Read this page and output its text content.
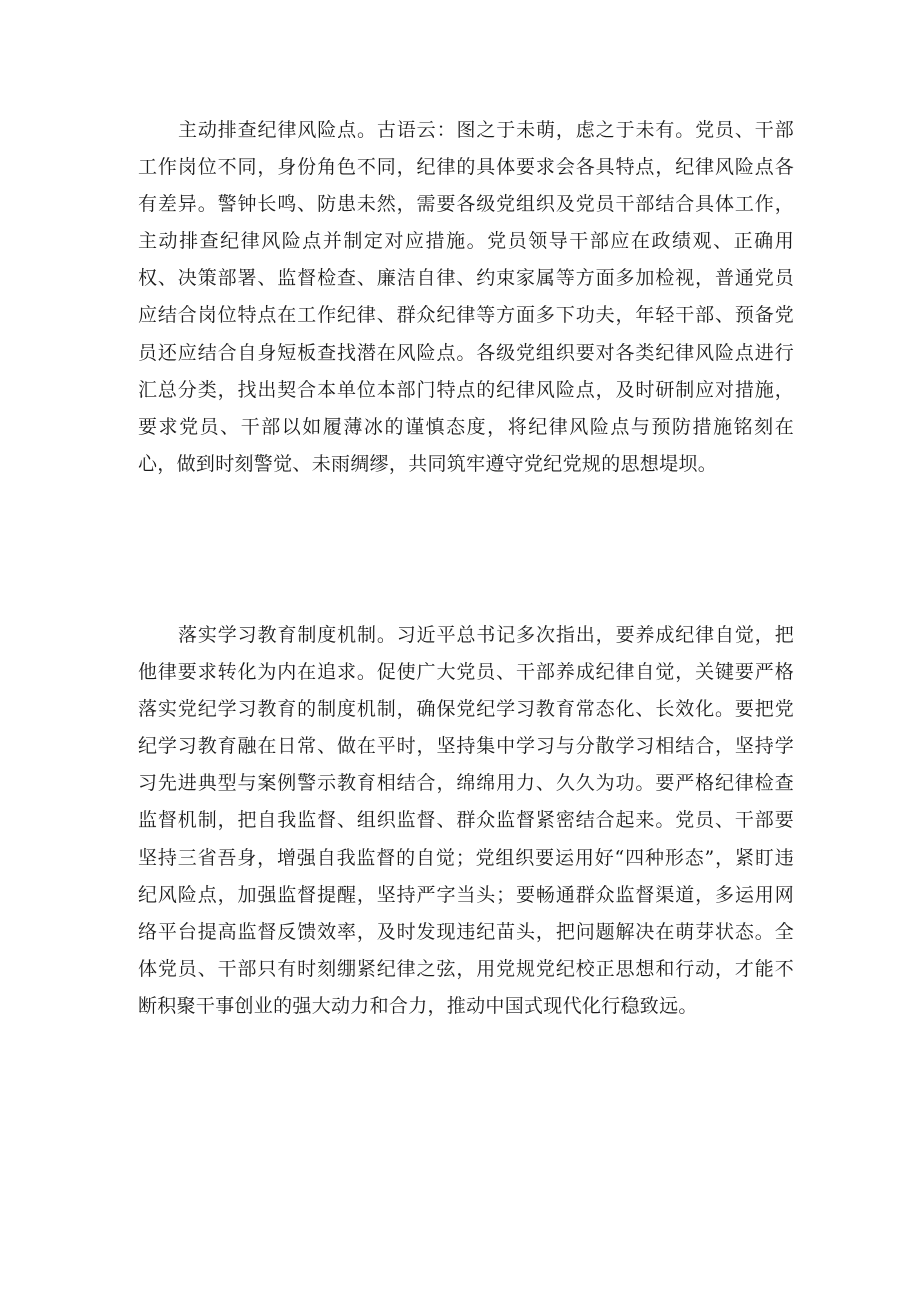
主动排查纪律风险点。古语云：图之于未萌，虑之于未有。党员、干部工作岗位不同，身份角色不同，纪律的具体要求会各具特点，纪律风险点各有差异。警钟长鸣、防患未然，需要各级党组织及党员干部结合具体工作，主动排查纪律风险点并制定对应措施。党员领导干部应在政绩观、正确用权、决策部署、监督检查、廉洁自律、约束家属等方面多加检视，普通党员应结合岗位特点在工作纪律、群众纪律等方面多下功夫，年轻干部、预备党员还应结合自身短板查找潜在风险点。各级党组织要对各类纪律风险点进行汇总分类，找出契合本单位本部门特点的纪律风险点，及时研制应对措施，要求党员、干部以如履薄冰的谨慎态度，将纪律风险点与预防措施铭刻在心，做到时刻警觉、未雨绸缪，共同筑牢遵守党纪党规的思想堤坝。

落实学习教育制度机制。习近平总书记多次指出，要养成纪律自觉，把他律要求转化为内在追求。促使广大党员、干部养成纪律自觉，关键要严格落实党纪学习教育的制度机制，确保党纪学习教育常态化、长效化。要把党纪学习教育融在日常、做在平时，坚持集中学习与分散学习相结合，坚持学习先进典型与案例警示教育相结合，绵绵用力、久久为功。要严格纪律检查监督机制，把自我监督、组织监督、群众监督紧密结合起来。党员、干部要坚持三省吾身，增强自我监督的自觉；党组织要运用好“四种形态”，紧盯违纪风险点，加强监督提醒，坚持严字当头；要畅通群众监督渠道，多运用网络平台提高监督反馈效率，及时发现违纪苗头，把问题解决在萌芽状态。全体党员、干部只有时刻绷紧纪律之弦，用党规党纪校正思想和行动，才能不断积聚干事创业的强大动力和合力，推动中国式现代化行稳致远。
